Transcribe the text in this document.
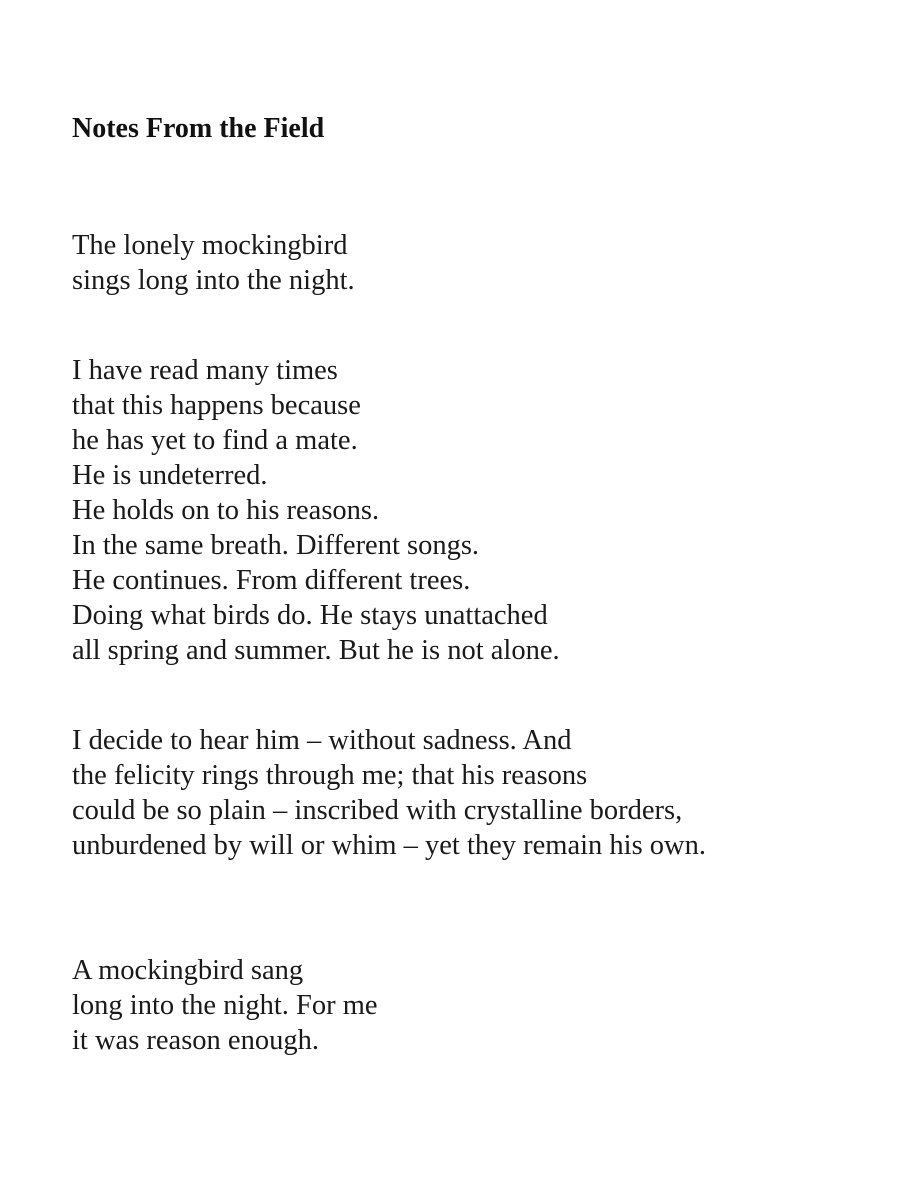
Notes From the Field
The lonely mockingbird
sings long into the night.
I have read many times
that this happens because
he has yet to find a mate.
He is undeterred.
He holds on to his reasons.
In the same breath. Different songs.
He continues. From different trees.
Doing what birds do. He stays unattached
all spring and summer. But he is not alone.
I decide to hear him – without sadness. And
the felicity rings through me; that his reasons
could be so plain – inscribed with crystalline borders,
unburdened by will or whim – yet they remain his own.
A mockingbird sang
long into the night. For me
it was reason enough.
